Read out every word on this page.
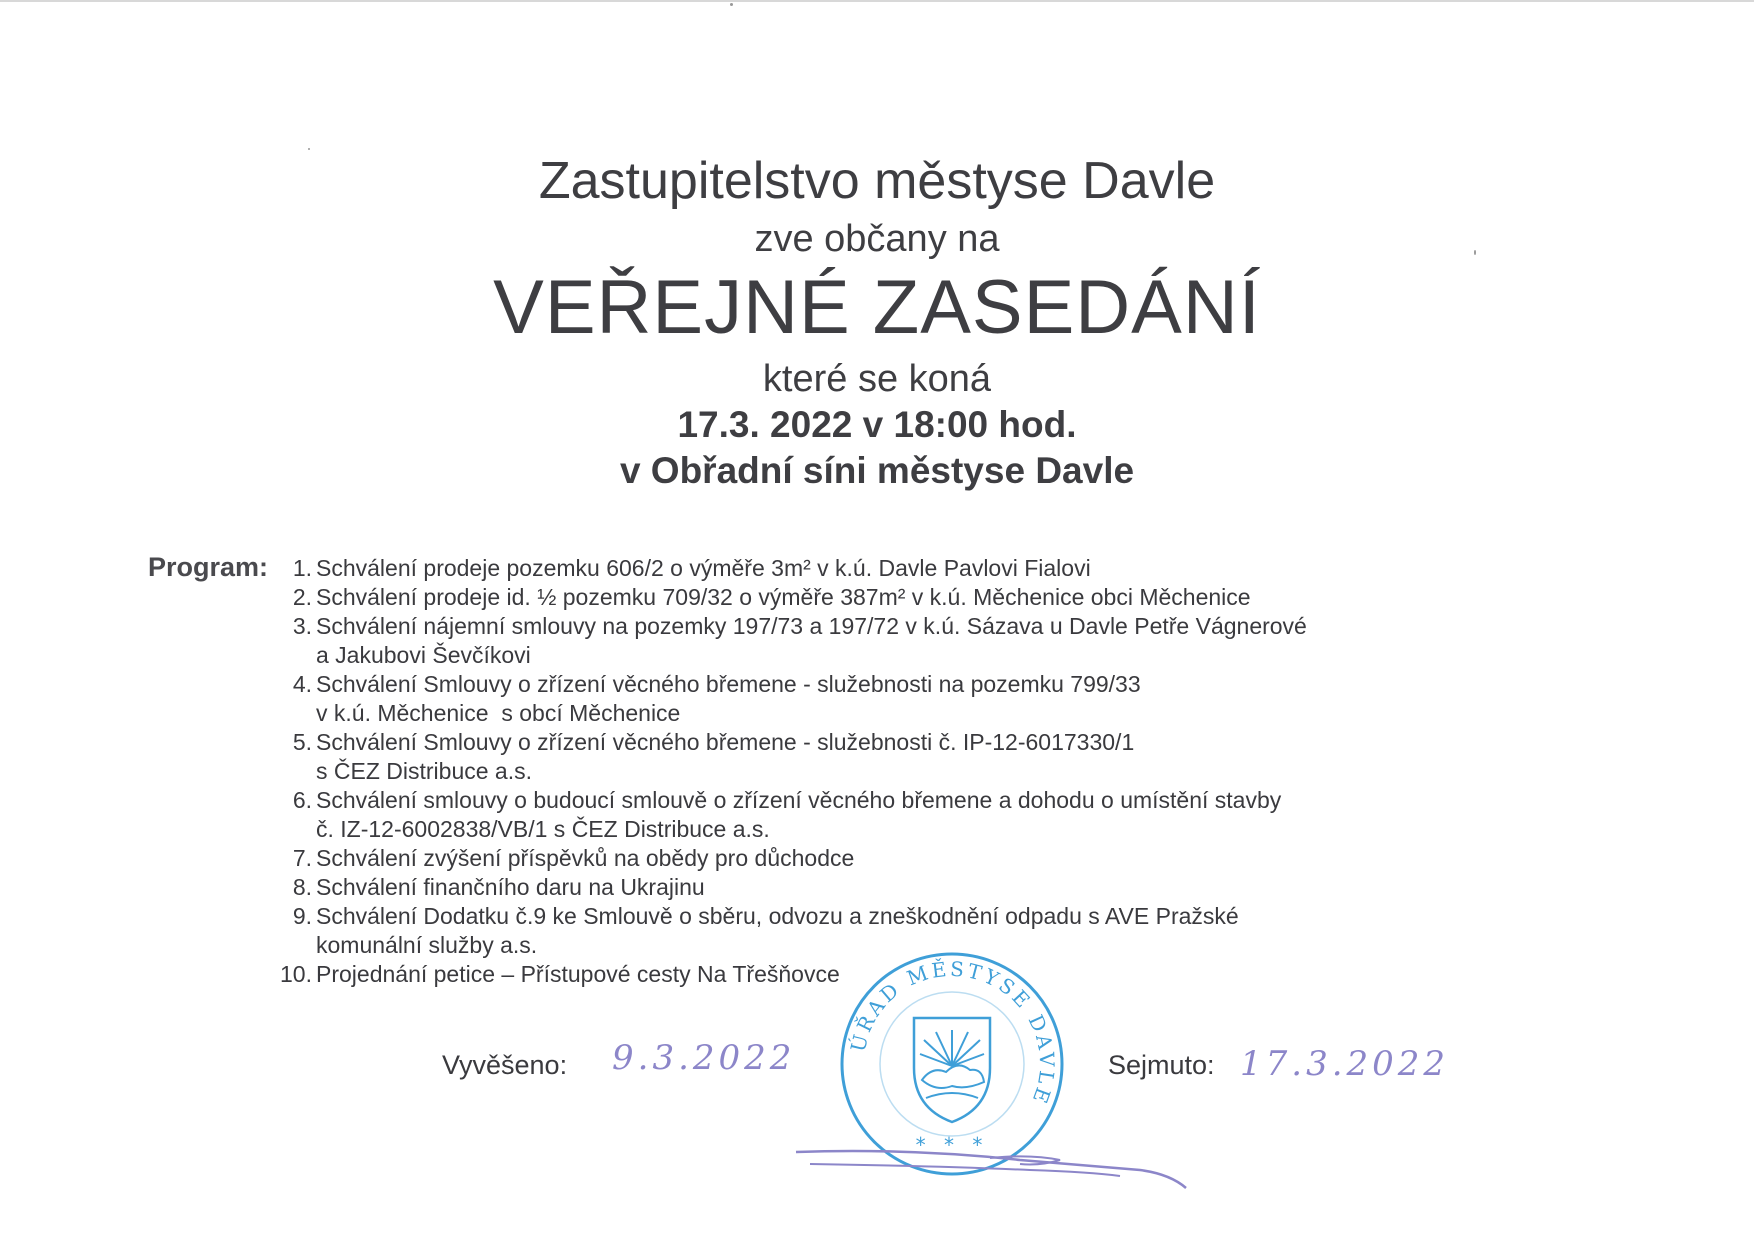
Zastupitelstvo městyse Davle
zve občany na
VEŘEJNÉ ZASEDÁNÍ
které se koná
17.3. 2022 v 18:00 hod.
v Obřadní síni městyse Davle
Program:	1. Schválení prodeje pozemku 606/2 o výměře 3m² v k.ú. Davle Pavlovi Fialovi
2. Schválení prodeje id. ½ pozemku 709/32 o výměře 387m² v k.ú. Měchenice obci Měchenice
3. Schválení nájemní smlouvy na pozemky 197/73 a 197/72 v k.ú. Sázava u Davle Petře Vágnerové
a Jakubovi Ševčíkovi
4. Schválení Smlouvy o zřízení věcného břemene - služebnosti na pozemku 799/33
v k.ú. Měchenice  s obcí Měchenice
5. Schválení Smlouvy o zřízení věcného břemene - služebnosti č. IP-12-6017330/1
s ČEZ Distribuce a.s.
6. Schválení smlouvy o budoucí smlouvě o zřízení věcného břemene a dohodu o umístění stavby
č. IZ-12-6002838/VB/1 s ČEZ Distribuce a.s.
7. Schválení zvýšení příspěvků na obědy pro důchodce
8. Schválení finančního daru na Ukrajinu
9. Schválení Dodatku č.9 ke Smlouvě o sběru, odvozu a zneškodnění odpadu s AVE Pražské
komunální služby a.s.
10. Projednání petice – Přístupové cesty Na Třešňovce
Vyvěšeno: 9.3.2022	Sejmuto: 17.3.2022
ÚŘAD MĚSTYSE DAVLE
* * *
